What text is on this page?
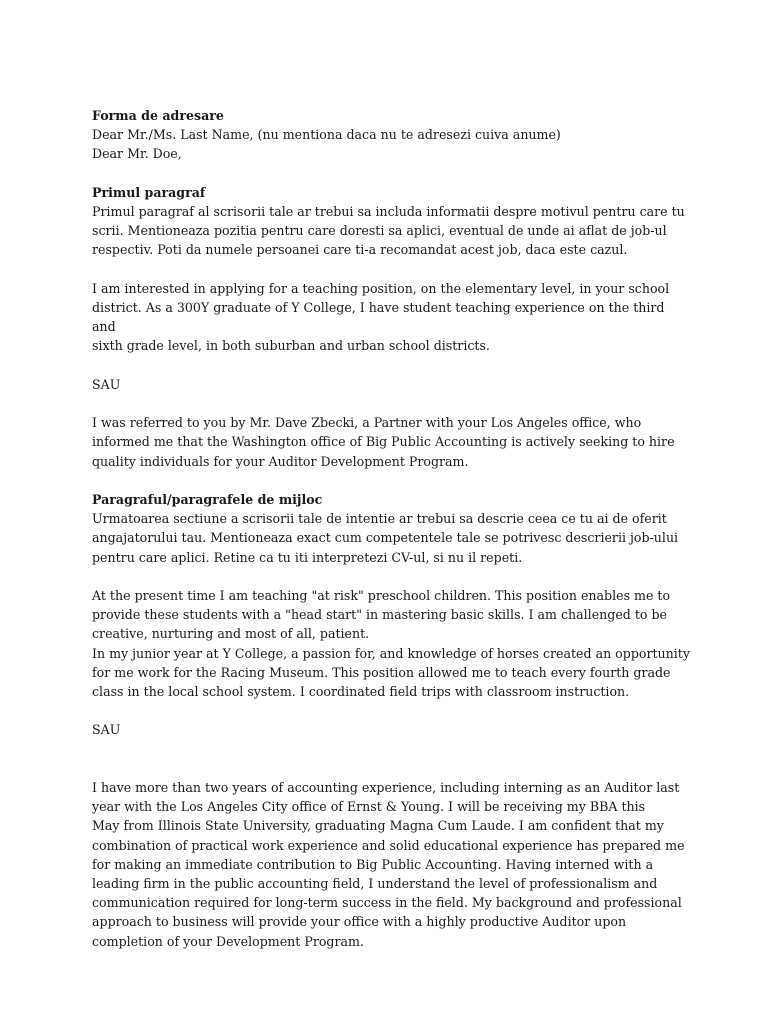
Forma de adresare

Dear Mr./Ms. Last Name, (nu mentiona daca nu te adresezi cuiva anume)

Dear Mr. Doe,

Primul paragraf

Primul paragraf al scrisorii tale ar trebui sa includa informatii despre motivul pentru care tu

scrii. Mentioneaza pozitia pentru care doresti sa aplici, eventual de unde ai aflat de job-ul

respectiv. Poti da numele persoanei care ti-a recomandat acest job, daca este cazul.

I am interested in applying for a teaching position, on the elementary level, in your school

district. As a 300Y graduate of Y College, I have student teaching experience on the third and

sixth grade level, in both suburban and urban school districts.

SAU

I was referred to you by Mr. Dave Zbecki, a Partner with your Los Angeles office, who

informed me that the Washington office of Big Public Accounting is actively seeking to hire

quality individuals for your Auditor Development Program.

Paragraful/paragrafele de mijloc

Urmatoarea sectiune a scrisorii tale de intentie ar trebui sa descrie ceea ce tu ai de oferit

angajatorului tau. Mentioneaza exact cum competentele tale se potrivesc descrierii job-ului

pentru care aplici. Retine ca tu iti interpretezi CV-ul, si nu il repeti.

At the present time I am teaching "at risk" preschool children. This position enables me to

provide these students with a "head start" in mastering basic skills. I am challenged to be

creative, nurturing and most of all, patient.

In my junior year at Y College, a passion for, and knowledge of horses created an opportunity

for me work for the Racing Museum. This position allowed me to teach every fourth grade

class in the local school system. I coordinated field trips with classroom instruction.

SAU

I have more than two years of accounting experience, including interning as an Auditor last

year with the Los Angeles City office of Ernst & Young. I will be receiving my BBA this

May from Illinois State University, graduating Magna Cum Laude. I am confident that my

combination of practical work experience and solid educational experience has prepared me

for making an immediate contribution to Big Public Accounting. Having interned with a

leading firm in the public accounting field, I understand the level of professionalism and

communication required for long-term success in the field. My background and professional

approach to business will provide your office with a highly productive Auditor upon

completion of your Development Program.
